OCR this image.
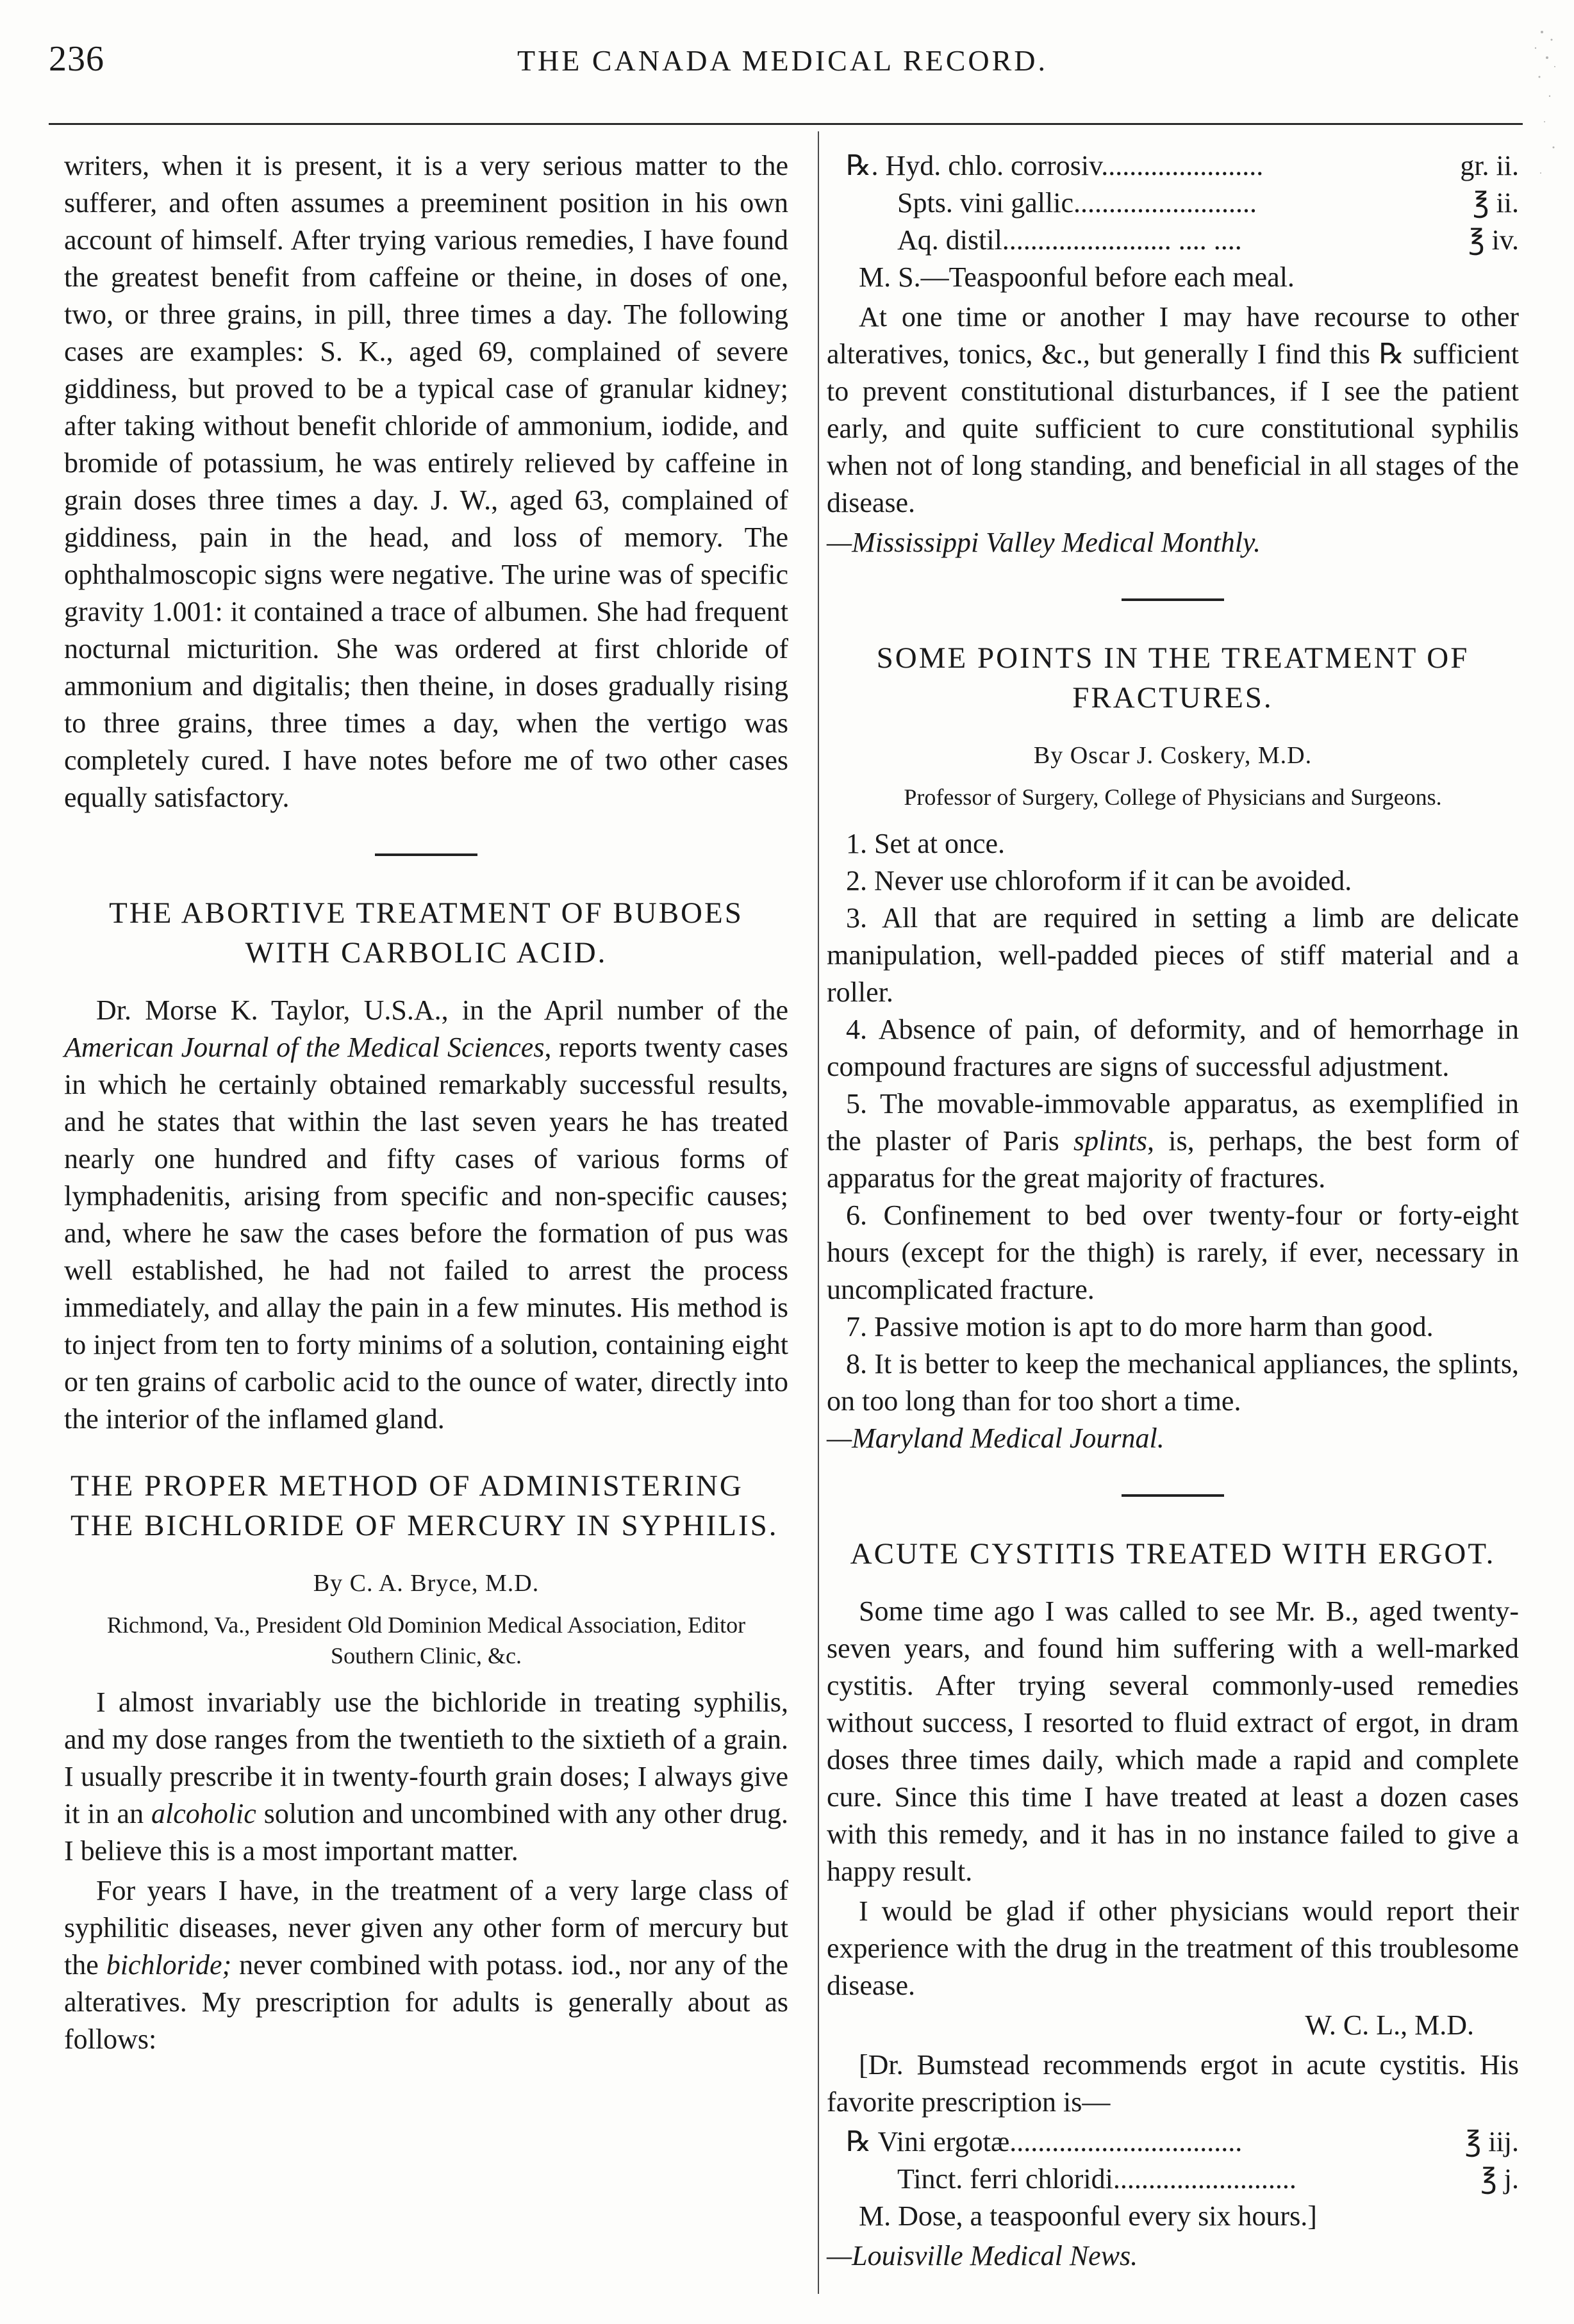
236	THE CANADA MEDICAL RECORD.

writers, when it is present, it is a very serious matter to the sufferer, and often assumes a preeminent position in his own account of himself. After trying various remedies, I have found the greatest benefit from caffeine or theine, in doses of one, two, or three grains, in pill, three times a day. The following cases are examples: S. K., aged 69, complained of severe giddiness, but proved to be a typical case of granular kidney; after taking without benefit chloride of ammonium, iodide, and bromide of potassium, he was entirely relieved by caffeine in grain doses three times a day. J. W., aged 63, complained of giddiness, pain in the head, and loss of memory. The ophthalmoscopic signs were negative. The urine was of specific gravity 1.001: it contained a trace of albumen. She had frequent nocturnal micturition. She was ordered at first chloride of ammonium and digitalis; then theine, in doses gradually rising to three grains, three times a day, when the vertigo was completely cured. I have notes before me of two other cases equally satisfactory.

THE ABORTIVE TREATMENT OF BUBOES WITH CARBOLIC ACID.

Dr. Morse K. Taylor, U.S.A., in the April number of the American Journal of the Medical Sciences, reports twenty cases in which he certainly obtained remarkably successful results, and he states that within the last seven years he has treated nearly one hundred and fifty cases of various forms of lymphadenitis, arising from specific and non-specific causes; and, where he saw the cases before the formation of pus was well established, he had not failed to arrest the process immediately, and allay the pain in a few minutes. His method is to inject from ten to forty minims of a solution, containing eight or ten grains of carbolic acid to the ounce of water, directly into the interior of the inflamed gland.

THE PROPER METHOD OF ADMINISTERING THE BICHLORIDE OF MERCURY IN SYPHILIS.
By C. A. Bryce, M.D.
Richmond, Va., President Old Dominion Medical Association, Editor Southern Clinic, &c.

I almost invariably use the bichloride in treating syphilis, and my dose ranges from the twentieth to the sixtieth of a grain. I usually prescribe it in twenty-fourth grain doses; I always give it in an alcoholic solution and uncombined with any other drug. I believe this is a most important matter.

For years I have, in the treatment of a very large class of syphilitic diseases, never given any other form of mercury but the bichloride; never combined with potass. iod., nor any of the alteratives. My prescription for adults is generally about as follows:

℞. Hyd. chlo. corrosiv.......................	gr. ii.
Spts. vini gallic..........................	℥ ii.
Aq. distil........................ .... ....	℥ iv.

M. S.—Teaspoonful before each meal.

At one time or another I may have recourse to other alteratives, tonics, &c., but generally I find this ℞ sufficient to prevent constitutional disturbances, if I see the patient early, and quite sufficient to cure constitutional syphilis when not of long standing, and beneficial in all stages of the disease.

—Mississippi Valley Medical Monthly.

SOME POINTS IN THE TREATMENT OF FRACTURES.
By Oscar J. Coskery, M.D.
Professor of Surgery, College of Physicians and Surgeons.

1. Set at once.

2. Never use chloroform if it can be avoided.

3. All that are required in setting a limb are delicate manipulation, well-padded pieces of stiff material and a roller.

4. Absence of pain, of deformity, and of hemorrhage in compound fractures are signs of successful adjustment.

5. The movable-immovable apparatus, as exemplified in the plaster of Paris splints, is, perhaps, the best form of apparatus for the great majority of fractures.

6. Confinement to bed over twenty-four or forty-eight hours (except for the thigh) is rarely, if ever, necessary in uncomplicated fracture.

7. Passive motion is apt to do more harm than good.

8. It is better to keep the mechanical appliances, the splints, on too long than for too short a time.

—Maryland Medical Journal.

ACUTE CYSTITIS TREATED WITH ERGOT.

Some time ago I was called to see Mr. B., aged twenty-seven years, and found him suffering with a well-marked cystitis. After trying several commonly-used remedies without success, I resorted to fluid extract of ergot, in dram doses three times daily, which made a rapid and complete cure. Since this time I have treated at least a dozen cases with this remedy, and it has in no instance failed to give a happy result.

I would be glad if other physicians would report their experience with the drug in the treatment of this troublesome disease.

W. C. L., M.D.

[Dr. Bumstead recommends ergot in acute cystitis. His favorite prescription is—

℞ Vini ergotæ.................................	℥ iij.
Tinct. ferri chloridi..........................	℥ j.

M. Dose, a teaspoonful every six hours.]

—Louisville Medical News.
